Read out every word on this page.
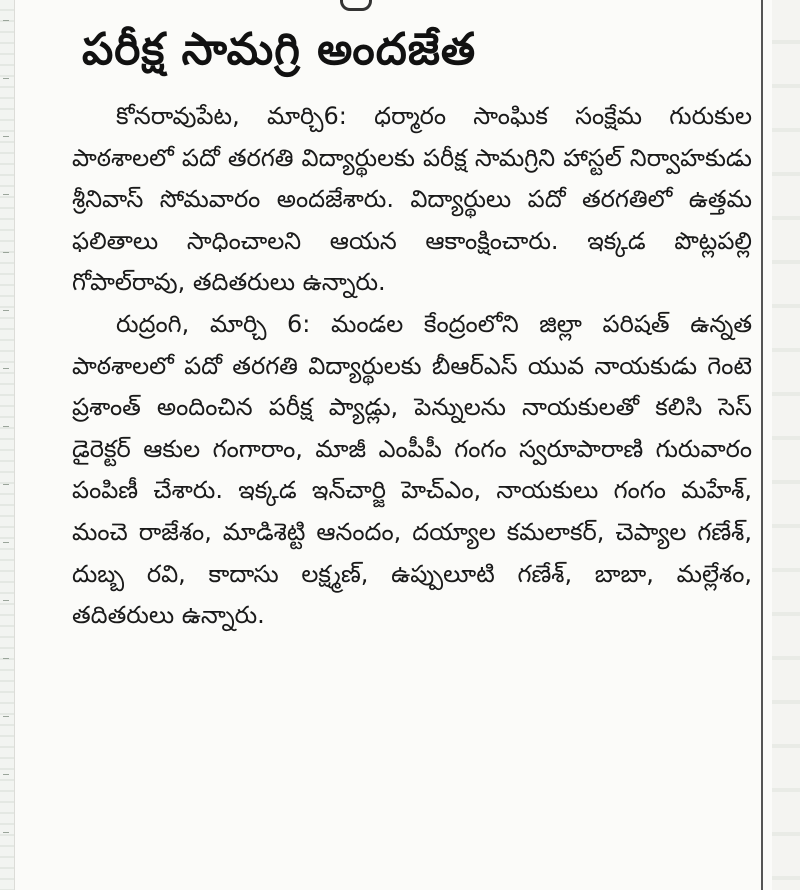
పరీక్ష సామగ్రి అందజేత

కోనరావుపేట, మార్చి6: ధర్మారం సాంఘిక సంక్షేమ గురుకుల పాఠశాలలో పదో తరగతి విద్యార్థులకు పరీక్ష సామగ్రిని హాస్టల్ నిర్వాహకుడు శ్రీనివాస్ సోమవారం అందజేశారు. విద్యార్థులు పదో తరగతిలో ఉత్తమ ఫలితాలు సాధించాలని ఆయన ఆకాంక్షించారు. ఇక్కడ పొట్లపల్లి గోపాల్‌రావు, తదితరులు ఉన్నారు.

రుద్రంగి, మార్చి 6: మండల కేంద్రంలోని జిల్లా పరిషత్ ఉన్నత పాఠశాలలో పదో తరగతి విద్యార్థులకు బీఆర్ఎస్ యువ నాయకుడు గెంటె ప్రశాంత్ అందించిన పరీక్ష ప్యాడ్లు, పెన్నులను నాయకులతో కలిసి సెస్ డైరెక్టర్ ఆకుల గంగారాం, మాజీ ఎంపీపీ గంగం స్వరూపారాణి గురువారం పంపిణీ చేశారు. ఇక్కడ ఇన్‌చార్జి హెచ్‌ఎం, నాయకులు గంగం మహేశ్, మంచె రాజేశం, మాడిశెట్టి ఆనందం, దయ్యాల కమలాకర్, చెప్యాల గణేశ్, దుబ్బ రవి, కాదాసు లక్ష్మణ్, ఉప్పులూటి గణేశ్, బాబా, మల్లేశం, తదితరులు ఉన్నారు.
